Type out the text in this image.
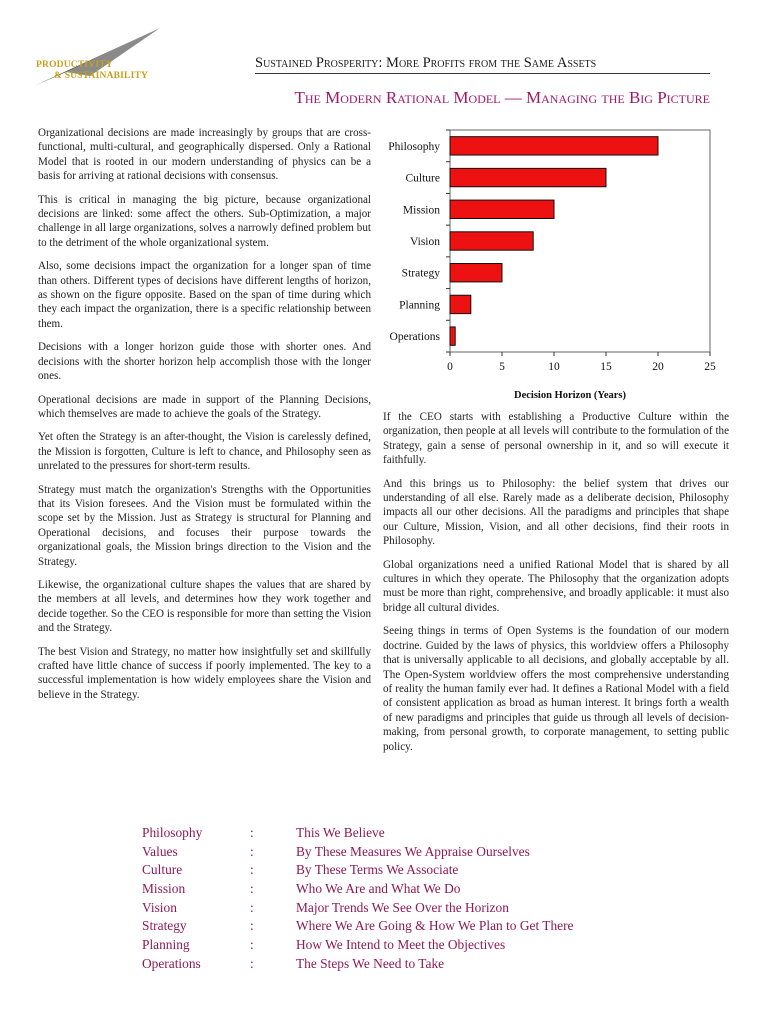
PRODUCTIVITY
& SUSTAINABILITY
Sustained Prosperity: More Profits from the Same Assets
The Modern Rational Model — Managing the Big Picture

Organizational decisions are made increasingly by groups that are cross-functional, multi-cultural, and geographically dispersed. Only a Rational Model that is rooted in our modern understanding of physics can be a basis for arriving at rational decisions with consensus.

This is critical in managing the big picture, because organizational decisions are linked: some affect the others. Sub-Optimization, a major challenge in all large organizations, solves a narrowly defined problem but to the detriment of the whole organizational system.

Also, some decisions impact the organization for a longer span of time than others. Different types of decisions have different lengths of horizon, as shown on the figure opposite. Based on the span of time during which they each impact the organization, there is a specific relationship between them.

Decisions with a longer horizon guide those with shorter ones. And decisions with the shorter horizon help accomplish those with the longer ones.

Operational decisions are made in support of the Planning Decisions, which themselves are made to achieve the goals of the Strategy.

Yet often the Strategy is an after-thought, the Vision is carelessly defined, the Mission is forgotten, Culture is left to chance, and Philosophy seen as unrelated to the pressures for short-term results.

Strategy must match the organization's Strengths with the Opportunities that its Vision foresees. And the Vision must be formulated within the scope set by the Mission. Just as Strategy is structural for Planning and Operational decisions, and focuses their purpose towards the organizational goals, the Mission brings direction to the Vision and the Strategy.

Likewise, the organizational culture shapes the values that are shared by the members at all levels, and determines how they work together and decide together. So the CEO is responsible for more than setting the Vision and the Strategy.

The best Vision and Strategy, no matter how insightfully set and skillfully crafted have little chance of success if poorly implemented. The key to a successful implementation is how widely employees share the Vision and believe in the Strategy.

Philosophy
Culture
Mission
Vision
Strategy
Planning
Operations
0	5	10	15	20	25
Decision Horizon (Years)

If the CEO starts with establishing a Productive Culture within the organization, then people at all levels will contribute to the formulation of the Strategy, gain a sense of personal ownership in it, and so will execute it faithfully.

And this brings us to Philosophy: the belief system that drives our understanding of all else. Rarely made as a deliberate decision, Philosophy impacts all our other decisions. All the paradigms and principles that shape our Culture, Mission, Vision, and all other decisions, find their roots in Philosophy.

Global organizations need a unified Rational Model that is shared by all cultures in which they operate. The Philosophy that the organization adopts must be more than right, comprehensive, and broadly applicable: it must also bridge all cultural divides.

Seeing things in terms of Open Systems is the foundation of our modern doctrine. Guided by the laws of physics, this worldview offers a Philosophy that is universally applicable to all decisions, and globally acceptable by all. The Open-System worldview offers the most comprehensive understanding of reality the human family ever had. It defines a Rational Model with a field of consistent application as broad as human interest. It brings forth a wealth of new paradigms and principles that guide us through all levels of decision-making, from personal growth, to corporate management, to setting public policy.

Philosophy	:	This We Believe
Values	:	By These Measures We Appraise Ourselves
Culture	:	By These Terms We Associate
Mission	:	Who We Are and What We Do
Vision	:	Major Trends We See Over the Horizon
Strategy	:	Where We Are Going & How We Plan to Get There
Planning	:	How We Intend to Meet the Objectives
Operations	:	The Steps We Need to Take
